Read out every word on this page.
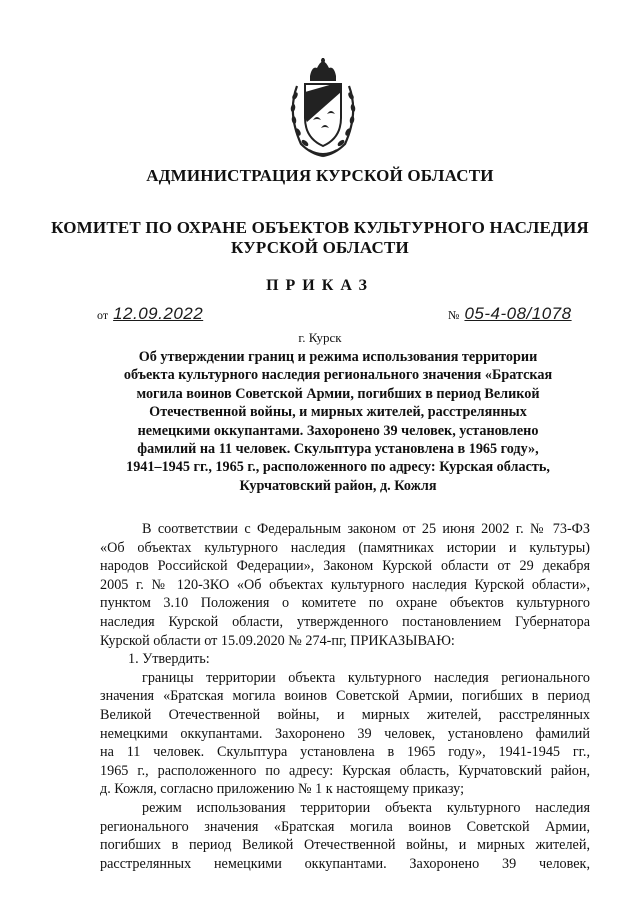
АДМИНИСТРАЦИЯ КУРСКОЙ ОБЛАСТИ
КОМИТЕТ ПО ОХРАНЕ ОБЪЕКТОВ КУЛЬТУРНОГО НАСЛЕДИЯ
КУРСКОЙ ОБЛАСТИ
ПРИКАЗ
от 12.09.2022	№ 05-4-08/1078
г. Курск
Об утверждении границ и режима использования территории
объекта культурного наследия регионального значения «Братская
могила воинов Советской Армии, погибших в период Великой
Отечественной войны, и мирных жителей, расстрелянных
немецкими оккупантами. Захоронено 39 человек, установлено
фамилий на 11 человек. Скульптура установлена в 1965 году»,
1941–1945 гг., 1965 г., расположенного по адресу: Курская область,
Курчатовский район, д. Кожля
В соответствии с Федеральным законом от 25 июня 2002 г. № 73-ФЗ
«Об объектах культурного наследия (памятниках истории и культуры)
народов Российской Федерации», Законом Курской области от 29 декабря
2005 г. № 120-ЗКО «Об объектах культурного наследия Курской области»,
пунктом 3.10 Положения о комитете по охране объектов культурного
наследия Курской области, утвержденного постановлением Губернатора
Курской области от 15.09.2020 № 274-пг, ПРИКАЗЫВАЮ:
1. Утвердить:
границы территории объекта культурного наследия регионального
значения «Братская могила воинов Советской Армии, погибших в период
Великой Отечественной войны, и мирных жителей, расстрелянных
немецкими оккупантами. Захоронено 39 человек, установлено фамилий
на 11 человек. Скульптура установлена в 1965 году», 1941-1945 гг.,
1965 г., расположенного по адресу: Курская область, Курчатовский район,
д. Кожля, согласно приложению № 1 к настоящему приказу;
режим использования территории объекта культурного наследия
регионального значения «Братская могила воинов Советской Армии,
погибших в период Великой Отечественной войны, и мирных жителей,
расстрелянных немецкими оккупантами. Захоронено 39 человек,
